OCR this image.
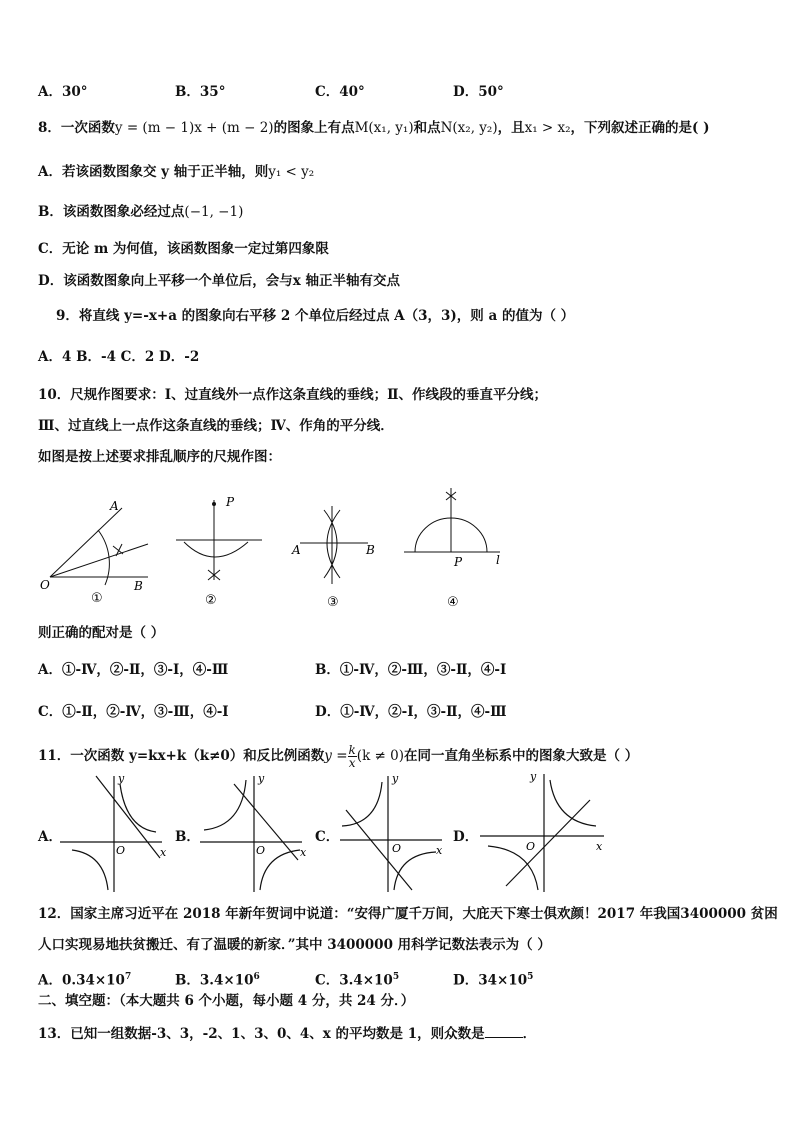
A．30°	B．35°	C．40°	D．50°
8．一次函数y = (m − 1)x + (m − 2)的图象上有点M(x₁, y₁)和点N(x₂, y₂)，且x₁ > x₂，下列叙述正确的是( )
A．若该函数图象交 y 轴于正半轴，则y₁ < y₂
B．该函数图象必经过点(−1, −1)
C．无论 m 为何值，该函数图象一定过第四象限
D．该函数图象向上平移一个单位后，会与x 轴正半轴有交点
9．将直线 y=-x+a 的图象向右平移 2 个单位后经过点 A（3，3)，则 a 的值为（ ）
A．4 B．-4 C．2 D．-2
10．尺规作图要求：Ⅰ、过直线外一点作这条直线的垂线；Ⅱ、作线段的垂直平分线；
Ⅲ、过直线上一点作这条直线的垂线；Ⅳ、作角的平分线．
如图是按上述要求排乱顺序的尺规作图：
A
O	B
①
P
②
A	B
③
P	l
④
则正确的配对是（ ）
A．①-Ⅳ，②-Ⅱ，③-Ⅰ，④-Ⅲ	B．①-Ⅳ，②-Ⅲ，③-Ⅱ，④-Ⅰ
C．①-Ⅱ，②-Ⅳ，③-Ⅲ，④-Ⅰ	D．①-Ⅳ，②-Ⅰ，③-Ⅱ，④-Ⅲ
11．一次函数 y=kx+k（k≠0）和反比例函数$y = \frac{k}{x} (k \ne 0)$在同一直角坐标系中的图象大致是（ ）
A．	B．	C．	D．
y
x
O
y
x
O
y
x
O
y
x
O
12．国家主席习近平在 2018 年新年贺词中说道：“安得广厦千万间，大庇天下寒士俱欢颜！2017 年我国3400000 贫困
人口实现易地扶贫搬迁、有了温暖的新家．”其中 3400000 用科学记数法表示为（ ）
A．$0.34\times 10^7$	B．$3.4\times 10^6$	C．$3.4\times 10^5$	D．$34\times 10^5$
二、填空题：（本大题共 6 个小题，每小题 4 分，共 24 分．）
13．已知一组数据-3、3，-2、1、3、0、4、x 的平均数是 1，则众数是	．
